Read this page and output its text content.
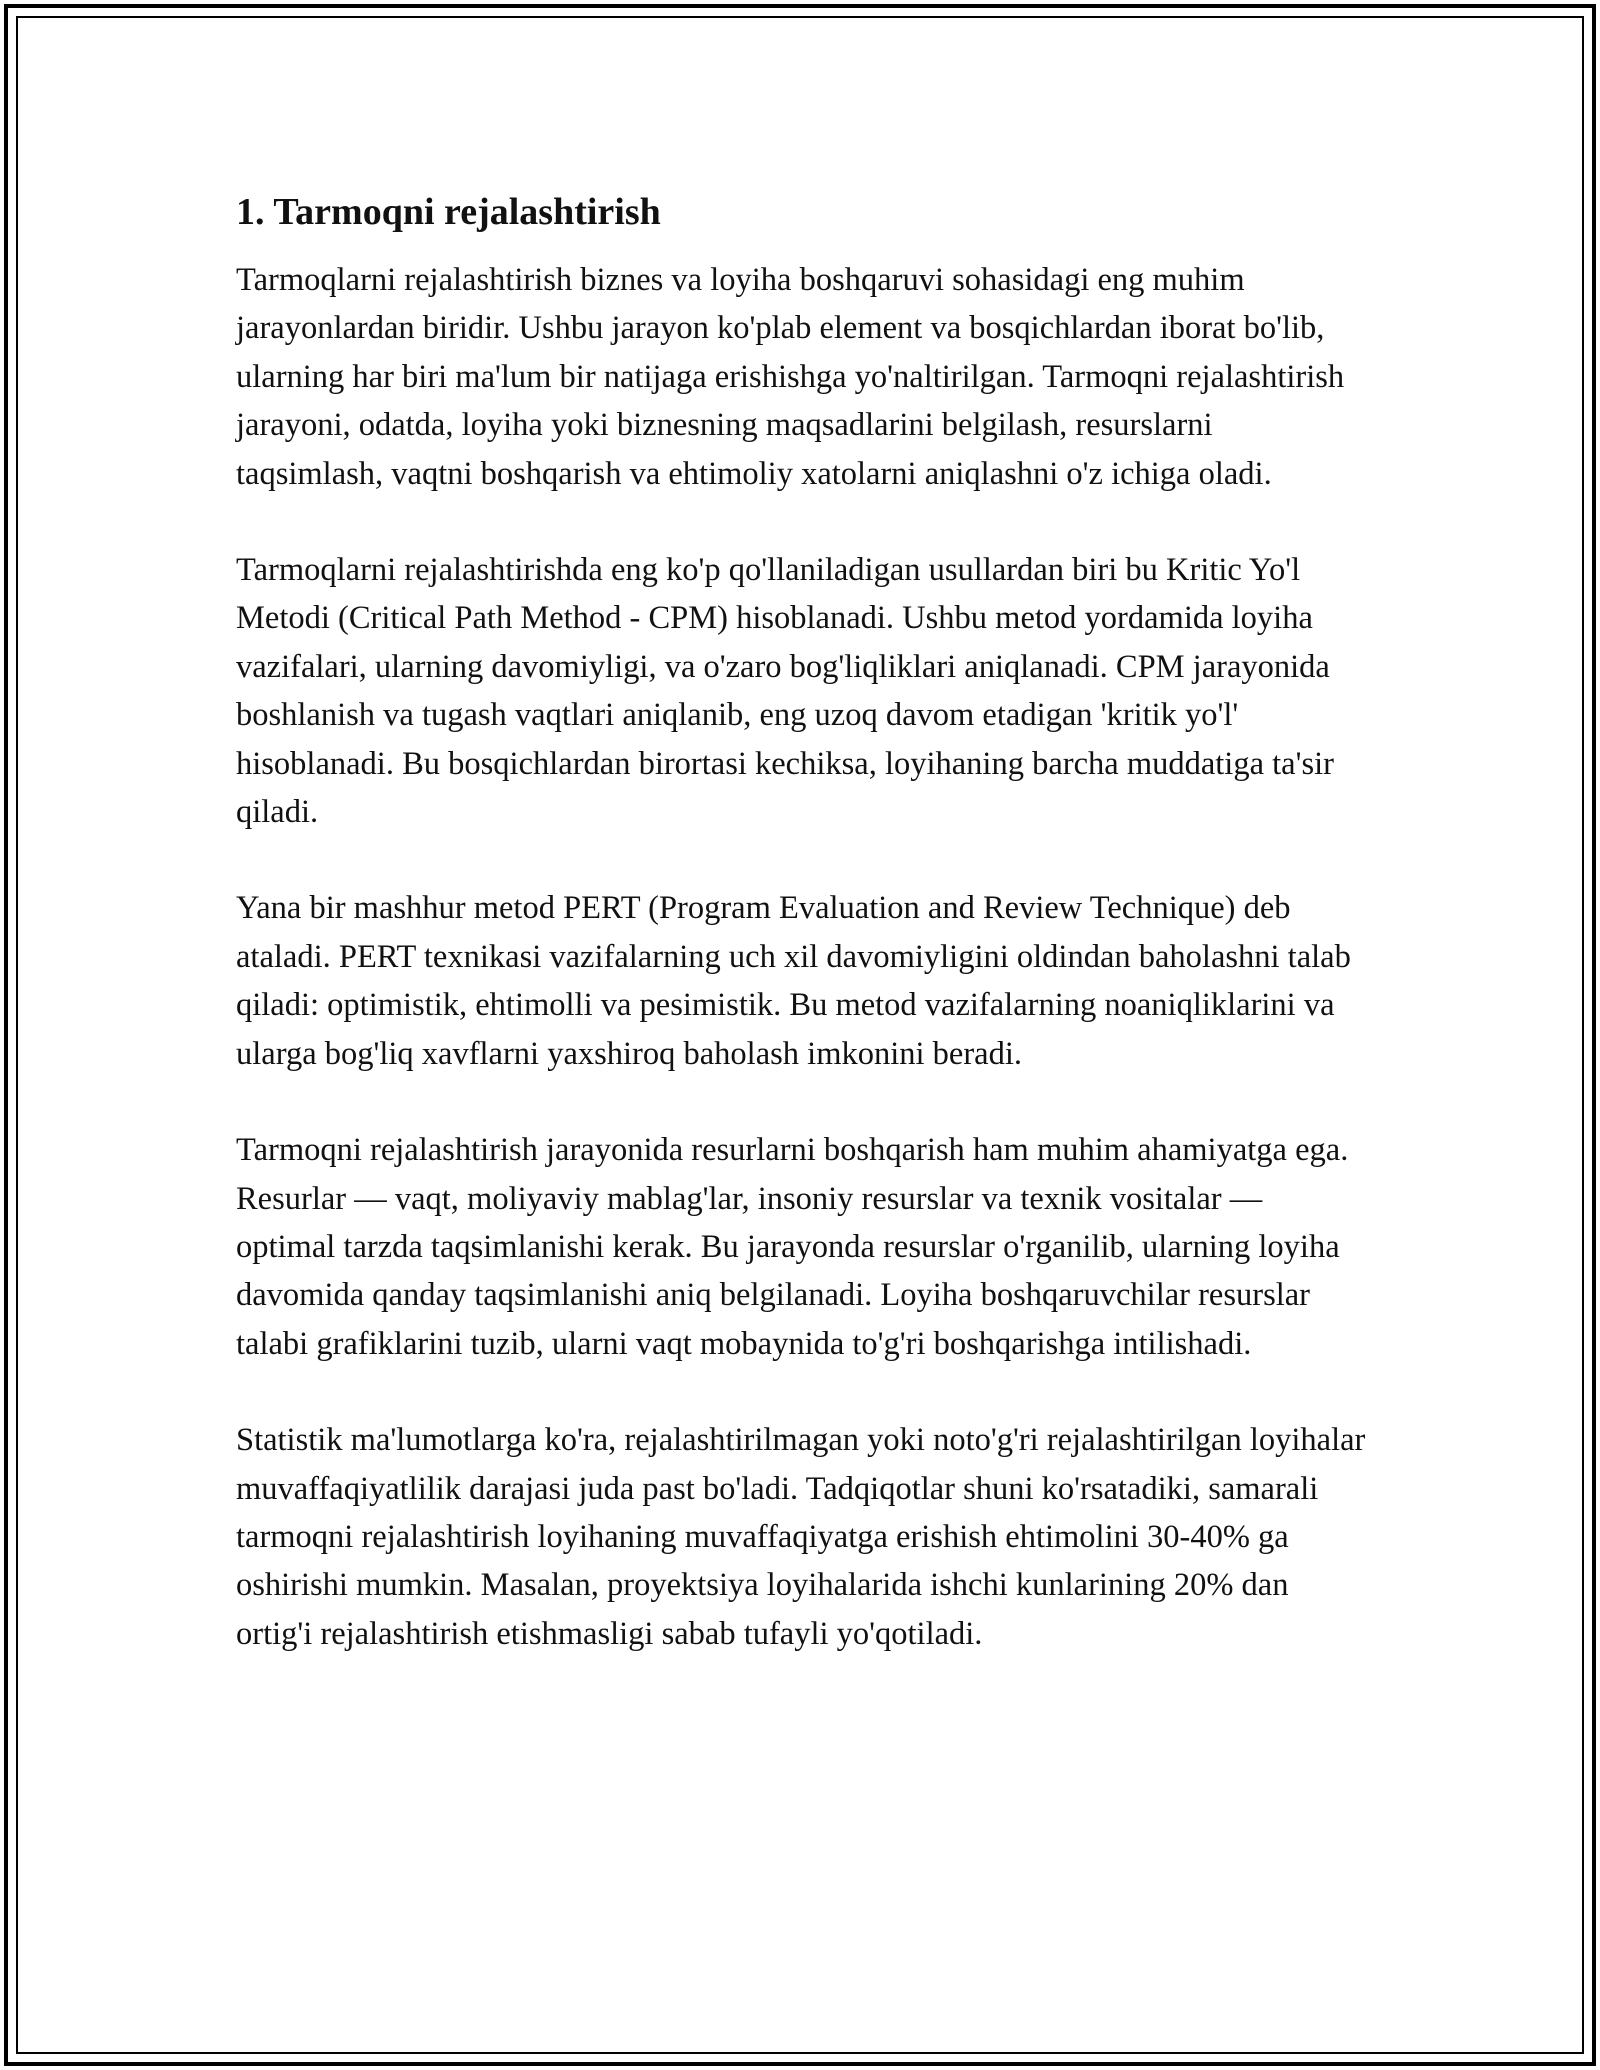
1. Tarmoqni rejalashtirish

Tarmoqlarni rejalashtirish biznes va loyiha boshqaruvi sohasidagi eng muhim jarayonlardan biridir. Ushbu jarayon ko'plab element va bosqichlardan iborat bo'lib, ularning har biri ma'lum bir natijaga erishishga yo'naltirilgan. Tarmoqni rejalashtirish jarayoni, odatda, loyiha yoki biznesning maqsadlarini belgilash, resurslarni taqsimlash, vaqtni boshqarish va ehtimoliy xatolarni aniqlashni o'z ichiga oladi.

Tarmoqlarni rejalashtirishda eng ko'p qo'llaniladigan usullardan biri bu Kritic Yo'l Metodi (Critical Path Method - CPM) hisoblanadi. Ushbu metod yordamida loyiha vazifalari, ularning davomiyligi, va o'zaro bog'liqliklari aniqlanadi. CPM jarayonida boshlanish va tugash vaqtlari aniqlanib, eng uzoq davom etadigan 'kritik yo'l' hisoblanadi. Bu bosqichlardan birortasi kechiksa, loyihaning barcha muddatiga ta'sir qiladi.

Yana bir mashhur metod PERT (Program Evaluation and Review Technique) deb ataladi. PERT texnikasi vazifalarning uch xil davomiyligini oldindan baholashni talab qiladi: optimistik, ehtimolli va pesimistik. Bu metod vazifalarning noaniqliklarini va ularga bog'liq xavflarni yaxshiroq baholash imkonini beradi.

Tarmoqni rejalashtirish jarayonida resurlarni boshqarish ham muhim ahamiyatga ega. Resurlar — vaqt, moliyaviy mablag'lar, insoniy resurslar va texnik vositalar — optimal tarzda taqsimlanishi kerak. Bu jarayonda resurslar o'rganilib, ularning loyiha davomida qanday taqsimlanishi aniq belgilanadi. Loyiha boshqaruvchilar resurslar talabi grafiklarini tuzib, ularni vaqt mobaynida to'g'ri boshqarishga intilishadi.

Statistik ma'lumotlarga ko'ra, rejalashtirilmagan yoki noto'g'ri rejalashtirilgan loyihalar muvaffaqiyatlilik darajasi juda past bo'ladi. Tadqiqotlar shuni ko'rsatadiki, samarali tarmoqni rejalashtirish loyihaning muvaffaqiyatga erishish ehtimolini 30-40% ga oshirishi mumkin. Masalan, proyektsiya loyihalarida ishchi kunlarining 20% dan ortig'i rejalashtirish etishmasligi sabab tufayli yo'qotiladi.
